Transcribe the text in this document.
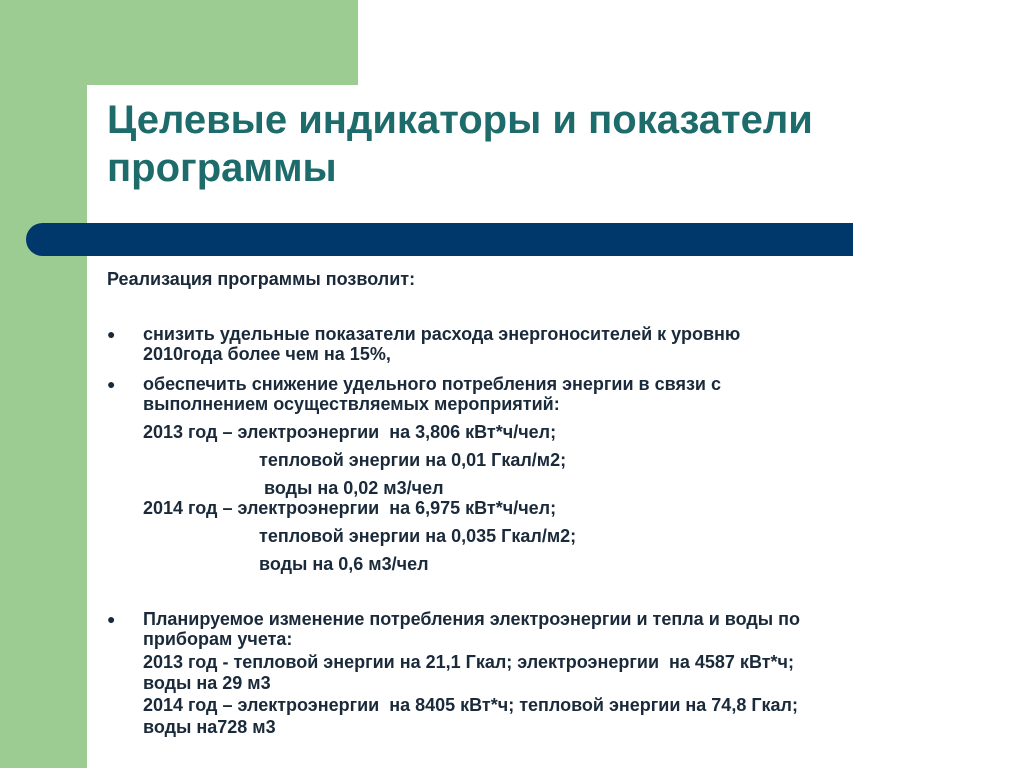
Целевые индикаторы и показатели программы

Реализация программы позволит:

● снизить удельные показатели расхода энергоносителей к уровню

2010года более чем на 15%,

● обеспечить снижение удельного потребления энергии в связи с

выполнением осуществляемых мероприятий:

2013 год – электроэнергии  на 3,806 кВт*ч/чел;

тепловой энергии на 0,01 Гкал/м2;

воды на 0,02 м3/чел

2014 год – электроэнергии  на 6,975 кВт*ч/чел;

тепловой энергии на 0,035 Гкал/м2;

воды на 0,6 м3/чел

● Планируемое изменение потребления электроэнергии и тепла и воды по

приборам учета:

2013 год - тепловой энергии на 21,1 Гкал; электроэнергии  на 4587 кВт*ч;

воды на 29 м3

2014 год – электроэнергии  на 8405 кВт*ч; тепловой энергии на 74,8 Гкал;

воды на728 м3
